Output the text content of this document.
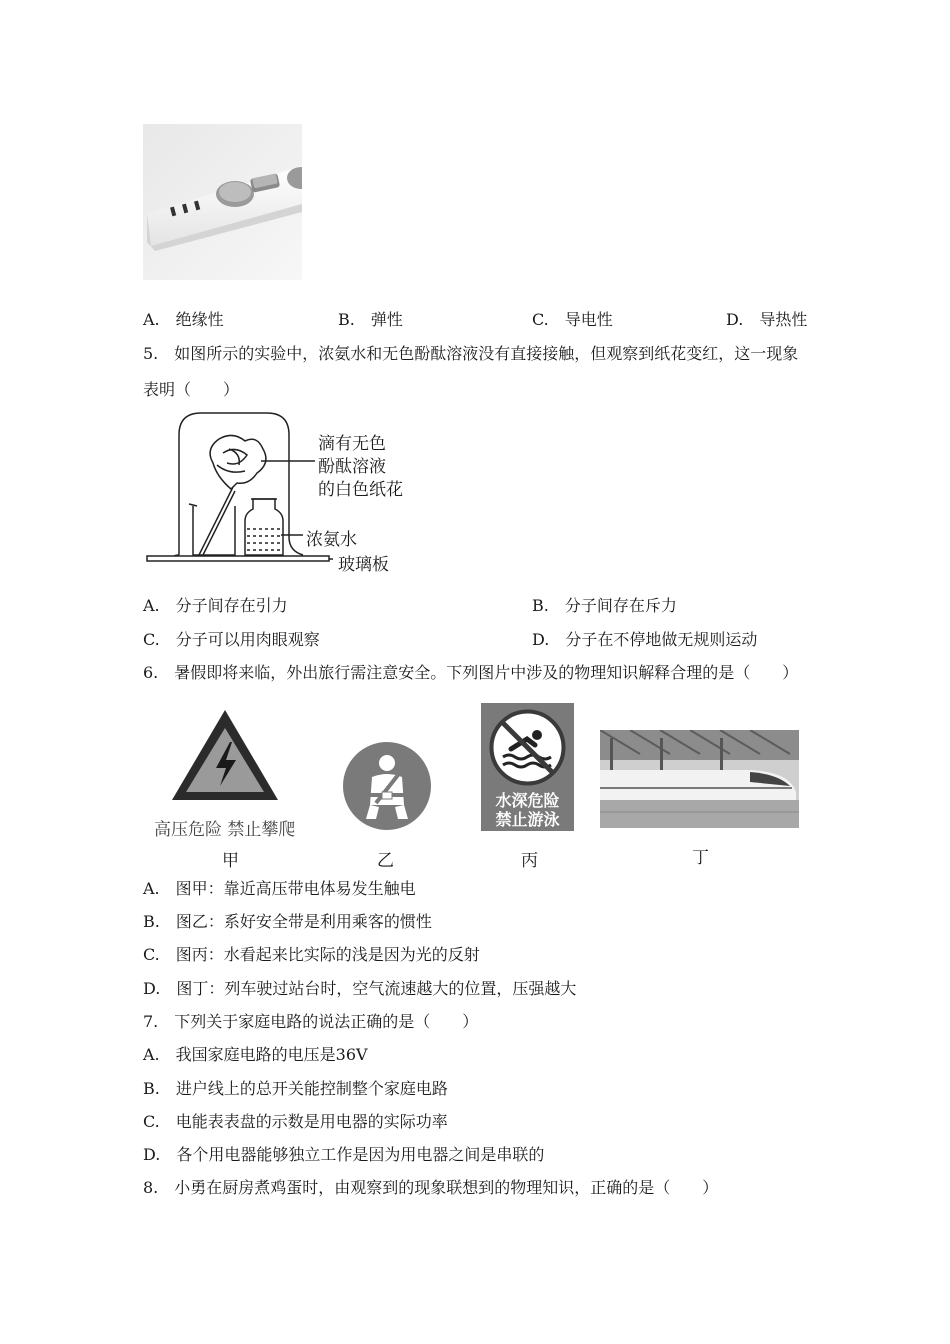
A.　绝缘性	B.　弹性	C.　导电性	D.　导热性
5.　如图所示的实验中，浓氨水和无色酚酞溶液没有直接接触，但观察到纸花变红，这一现象
表明（　　）
滴有无色
酚酞溶液
的白色纸花
浓氨水
玻璃板
A.　分子间存在引力	B.　分子间存在斥力
C.　分子可以用肉眼观察	D.　分子在不停地做无规则运动
6.　暑假即将来临，外出旅行需注意安全。下列图片中涉及的物理知识解释合理的是（　　）
高压危险 禁止攀爬
水深危险
禁止游泳
甲	乙	丙	丁
A.　图甲：靠近高压带电体易发生触电
B.　图乙：系好安全带是利用乘客的惯性
C.　图丙：水看起来比实际的浅是因为光的反射
D.　图丁：列车驶过站台时，空气流速越大的位置，压强越大
7.　下列关于家庭电路的说法正确的是（　　）
A.　我国家庭电路的电压是36V
B.　进户线上的总开关能控制整个家庭电路
C.　电能表表盘的示数是用电器的实际功率
D.　各个用电器能够独立工作是因为用电器之间是串联的
8.　小勇在厨房煮鸡蛋时，由观察到的现象联想到的物理知识，正确的是（　　）
